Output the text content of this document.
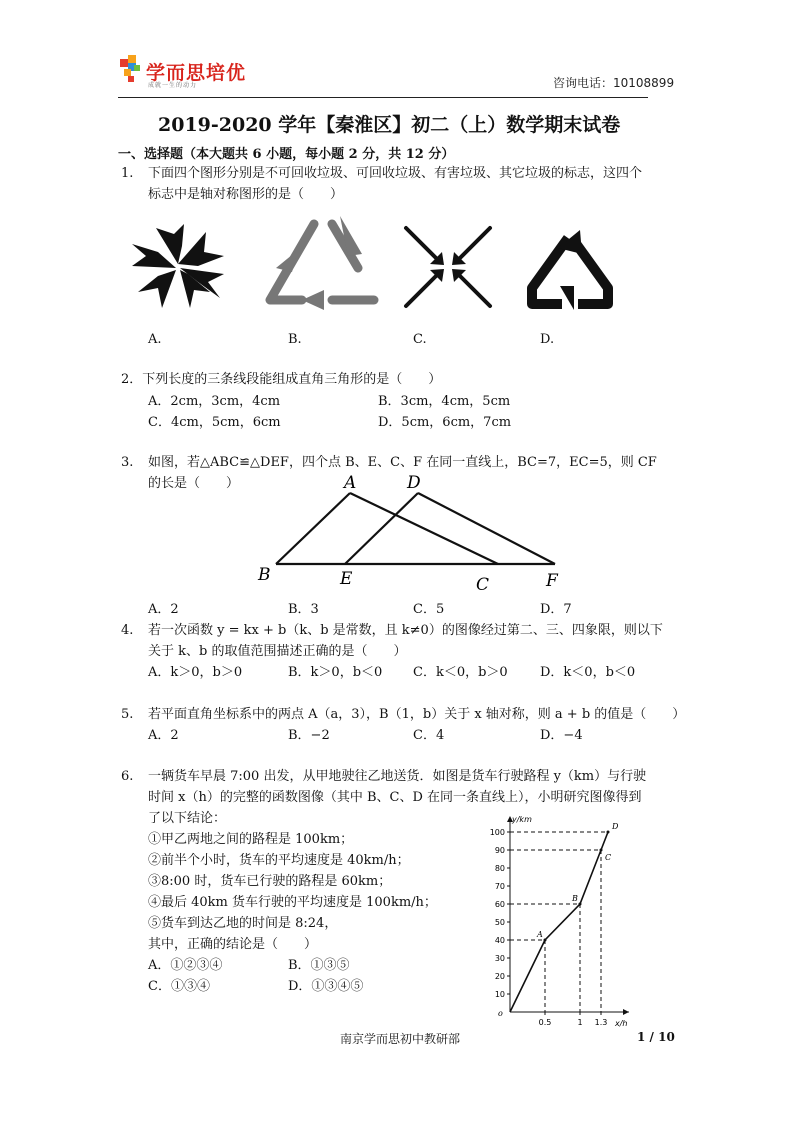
学而思培优
成就一生的动力	咨询电话：10108899
2019-2020 学年【秦淮区】初二（上）数学期末试卷
一、选择题（本大题共 6 小题，每小题 2 分，共 12 分）
1. 下面四个图形分别是不可回收垃圾、可回收垃圾、有害垃圾、其它垃圾的标志，这四个
标志中是轴对称图形的是（　　）
A.	B.	C.	D.
2．下列长度的三条线段能组成直角三角形的是（　　）
A．2cm，3cm，4cm	B．3cm，4cm，5cm
C．4cm，5cm，6cm	D．5cm，6cm，7cm
3. 如图，若△ABC≌△DEF，四个点 B、E、C、F 在同一直线上，BC=7，EC=5，则 CF
的长是（　　）	A	D
B	E	C	F
A．2	B．3	C．5	D．7
4. 若一次函数 y = kx + b（k、b 是常数，且 k≠0）的图像经过第二、三、四象限，则以下
关于 k、b 的取值范围描述正确的是（　　）
A．k＞0，b＞0	B．k＞0，b＜0 C．k＜0，b＞0 D．k＜0，b＜0
5. 若平面直角坐标系中的两点 A（a，3），B（1，b）关于 x 轴对称，则 a + b 的值是（　　）
A．2	B．−2	C．4	D．−4
6. 一辆货车早晨 7:00 出发，从甲地驶往乙地送货．如图是货车行驶路程 y（km）与行驶
时间 x（h）的完整的函数图像（其中 B、C、D 在同一条直线上），小明研究图像得到
了以下结论：
①甲乙两地之间的路程是 100km；
②前半个小时，货车的平均速度是 40km/h；
③8:00 时，货车已行驶的路程是 60km；
④最后 40km 货车行驶的平均速度是 100km/h；
⑤货车到达乙地的时间是 8:24，
其中，正确的结论是（　　）
A．①②③④	B．①③⑤
C．①③④	D．①③④⑤
y/km
x/h
o
10
20
30
40
50
60
70
80
90
100
0.5	1 1.3
A
B
C
D
南京学而思初中教研部	1 / 10
